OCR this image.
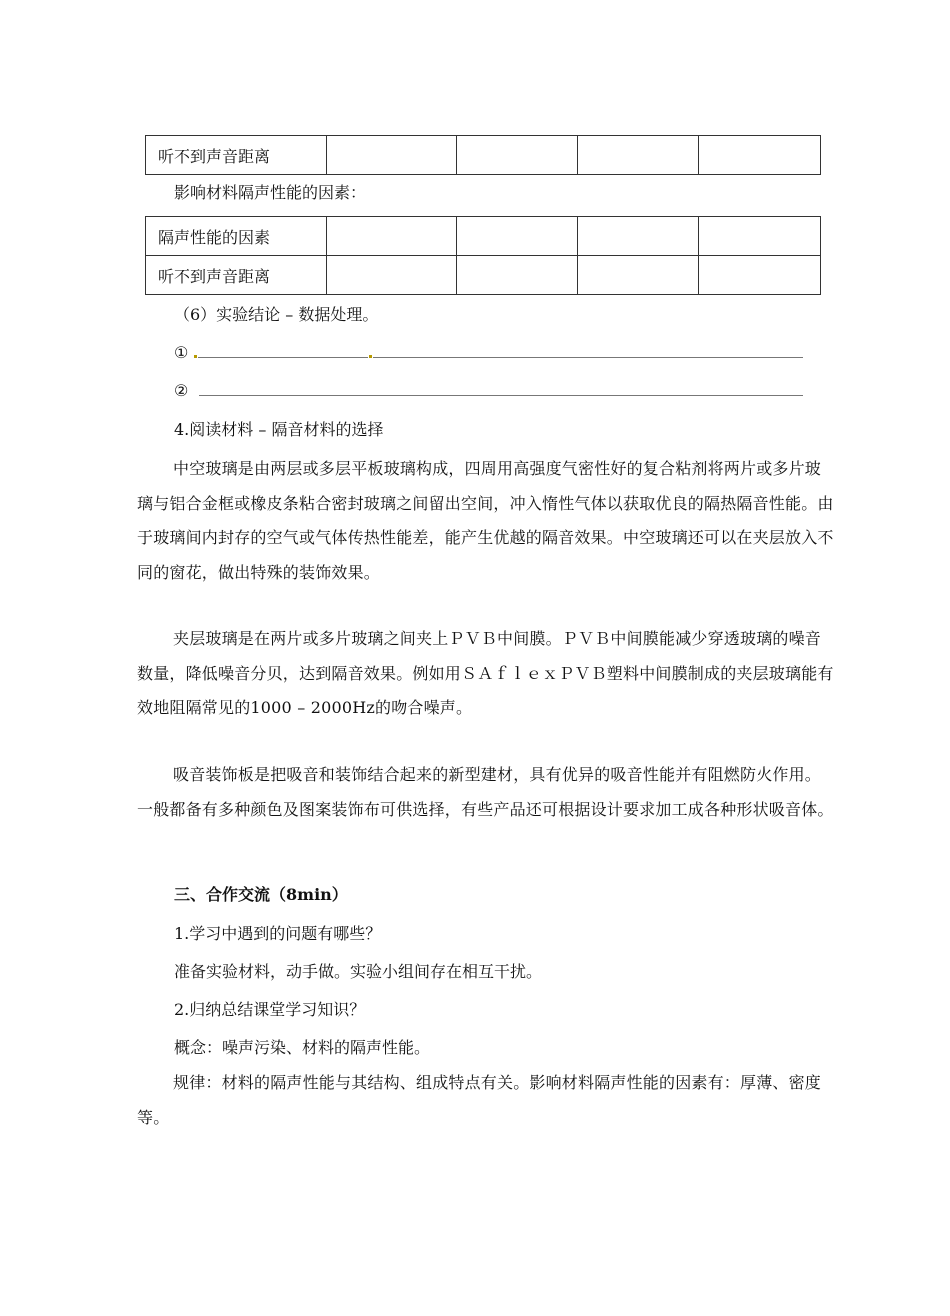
听不到声音距离				
影响材料隔声性能的因素：
隔声性能的因素				
听不到声音距离				
（6）实验结论 – 数据处理。
①
②
4.阅读材料 – 隔音材料的选择
中空玻璃是由两层或多层平板玻璃构成，四周用高强度气密性好的复合粘剂将两片或多片玻璃与铝合金框或橡皮条粘合密封玻璃之间留出空间，冲入惰性气体以获取优良的隔热隔音性能。由于玻璃间内封存的空气或气体传热性能差，能产生优越的隔音效果。中空玻璃还可以在夹层放入不同的窗花，做出特殊的装饰效果。
夹层玻璃是在两片或多片玻璃之间夹上ＰＶＢ中间膜。ＰＶＢ中间膜能减少穿透玻璃的噪音数量，降低噪音分贝，达到隔音效果。例如用ＳＡｆｌｅｘＰＶＢ塑料中间膜制成的夹层玻璃能有效地阻隔常见的1000 – 2000Hz的吻合噪声。
吸音装饰板是把吸音和装饰结合起来的新型建材，具有优异的吸音性能并有阻燃防火作用。一般都备有多种颜色及图案装饰布可供选择，有些产品还可根据设计要求加工成各种形状吸音体。
三、合作交流（8min）
1.学习中遇到的问题有哪些？
准备实验材料，动手做。实验小组间存在相互干扰。
2.归纳总结课堂学习知识？
概念：噪声污染、材料的隔声性能。
规律：材料的隔声性能与其结构、组成特点有关。影响材料隔声性能的因素有：厚薄、密度等。
